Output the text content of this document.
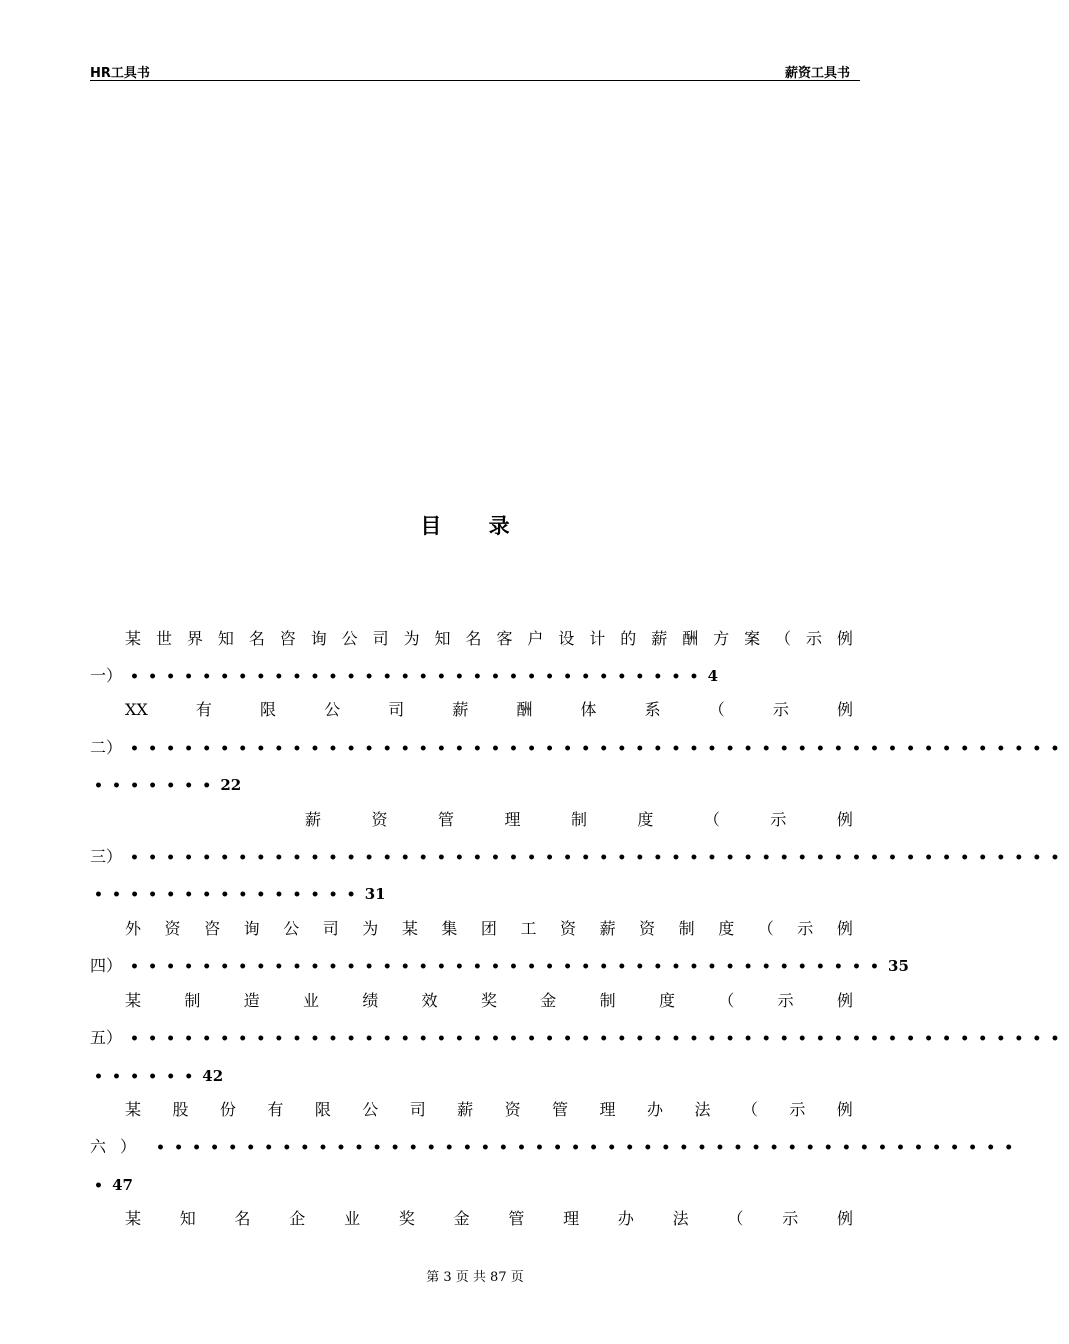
HR工具书	薪资工具书
目 录
某 世 界 知 名 咨 询 公 司 为 知 名 客 户 设 计 的 薪 酬 方 案 （ 示 例
一） ••••••••••••••••••••••••••••••••4
XX	有	限	公	司	薪	酬	体	系	（	示	例
二） ••••••••••••••••••••••••••••••••••••••••••••••••••••
•••••••22
薪	资	管	理	制	度	（	示	例
三） ••••••••••••••••••••••••••••••••••••••••••••••••••••
•••••••••••••••31
外 资 咨 询 公 司 为 某 集 团 工 资 薪 资 制 度 （ 示 例
四） ••••••••••••••••••••••••••••••••••••••••••35
某	制	造	业	绩	效	奖	金	制	度	（	示	例
五） ••••••••••••••••••••••••••••••••••••••••••••••••••••
••••••42
某 股 份 有 限 公 司 薪 资 管 理 办 法 （ 示 例
六） ••••••••••••••••••••••••••••••••••••••••••••••••
•47
某 知 名 企 业 奖 金 管 理 办 法 （ 示 例
第 3 页 共 87 页
